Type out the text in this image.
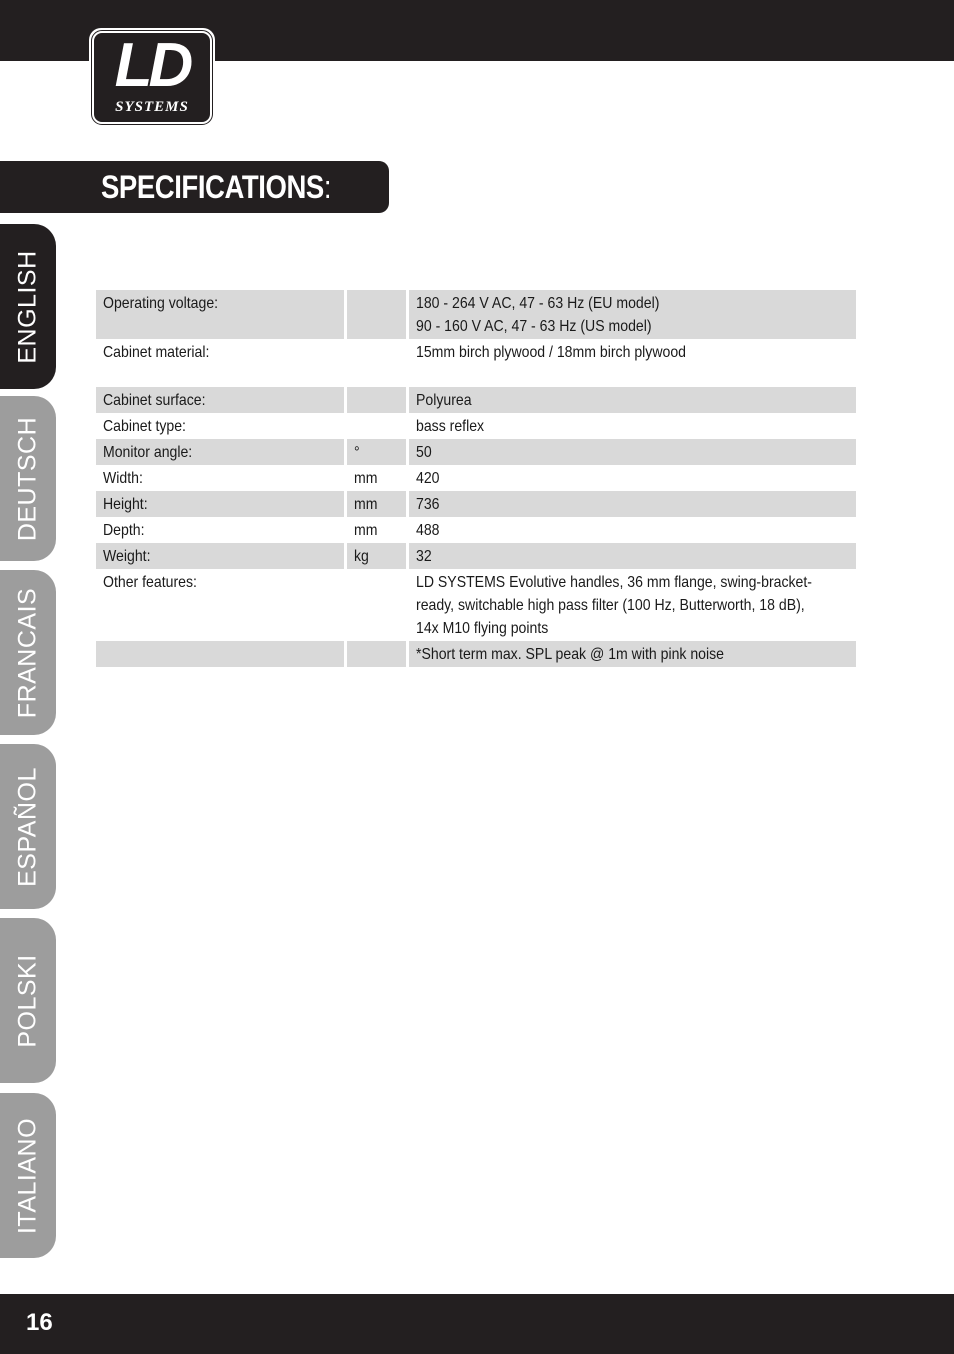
LD
SYSTEMS
SPECIFICATIONS:
ENGLISH
DEUTSCH
FRANCAIS
ESPAÑOL
POLSKI
ITALIANO
Operating voltage:	180 - 264 V AC, 47 - 63 Hz (EU model)
90 - 160 V AC, 47 - 63 Hz (US model)
Cabinet material:	15mm birch plywood / 18mm birch plywood
Cabinet surface:	Polyurea
Cabinet type:	bass reflex
Monitor angle:	°	50
Width:	mm	420
Height:	mm	736
Depth:	mm	488
Weight:	kg	32
Other features:	LD SYSTEMS Evolutive handles, 36 mm flange, swing-bracket-
ready, switchable high pass filter (100 Hz, Butterworth, 18 dB),
14x M10 flying points
*Short term max. SPL peak @ 1m with pink noise
16
